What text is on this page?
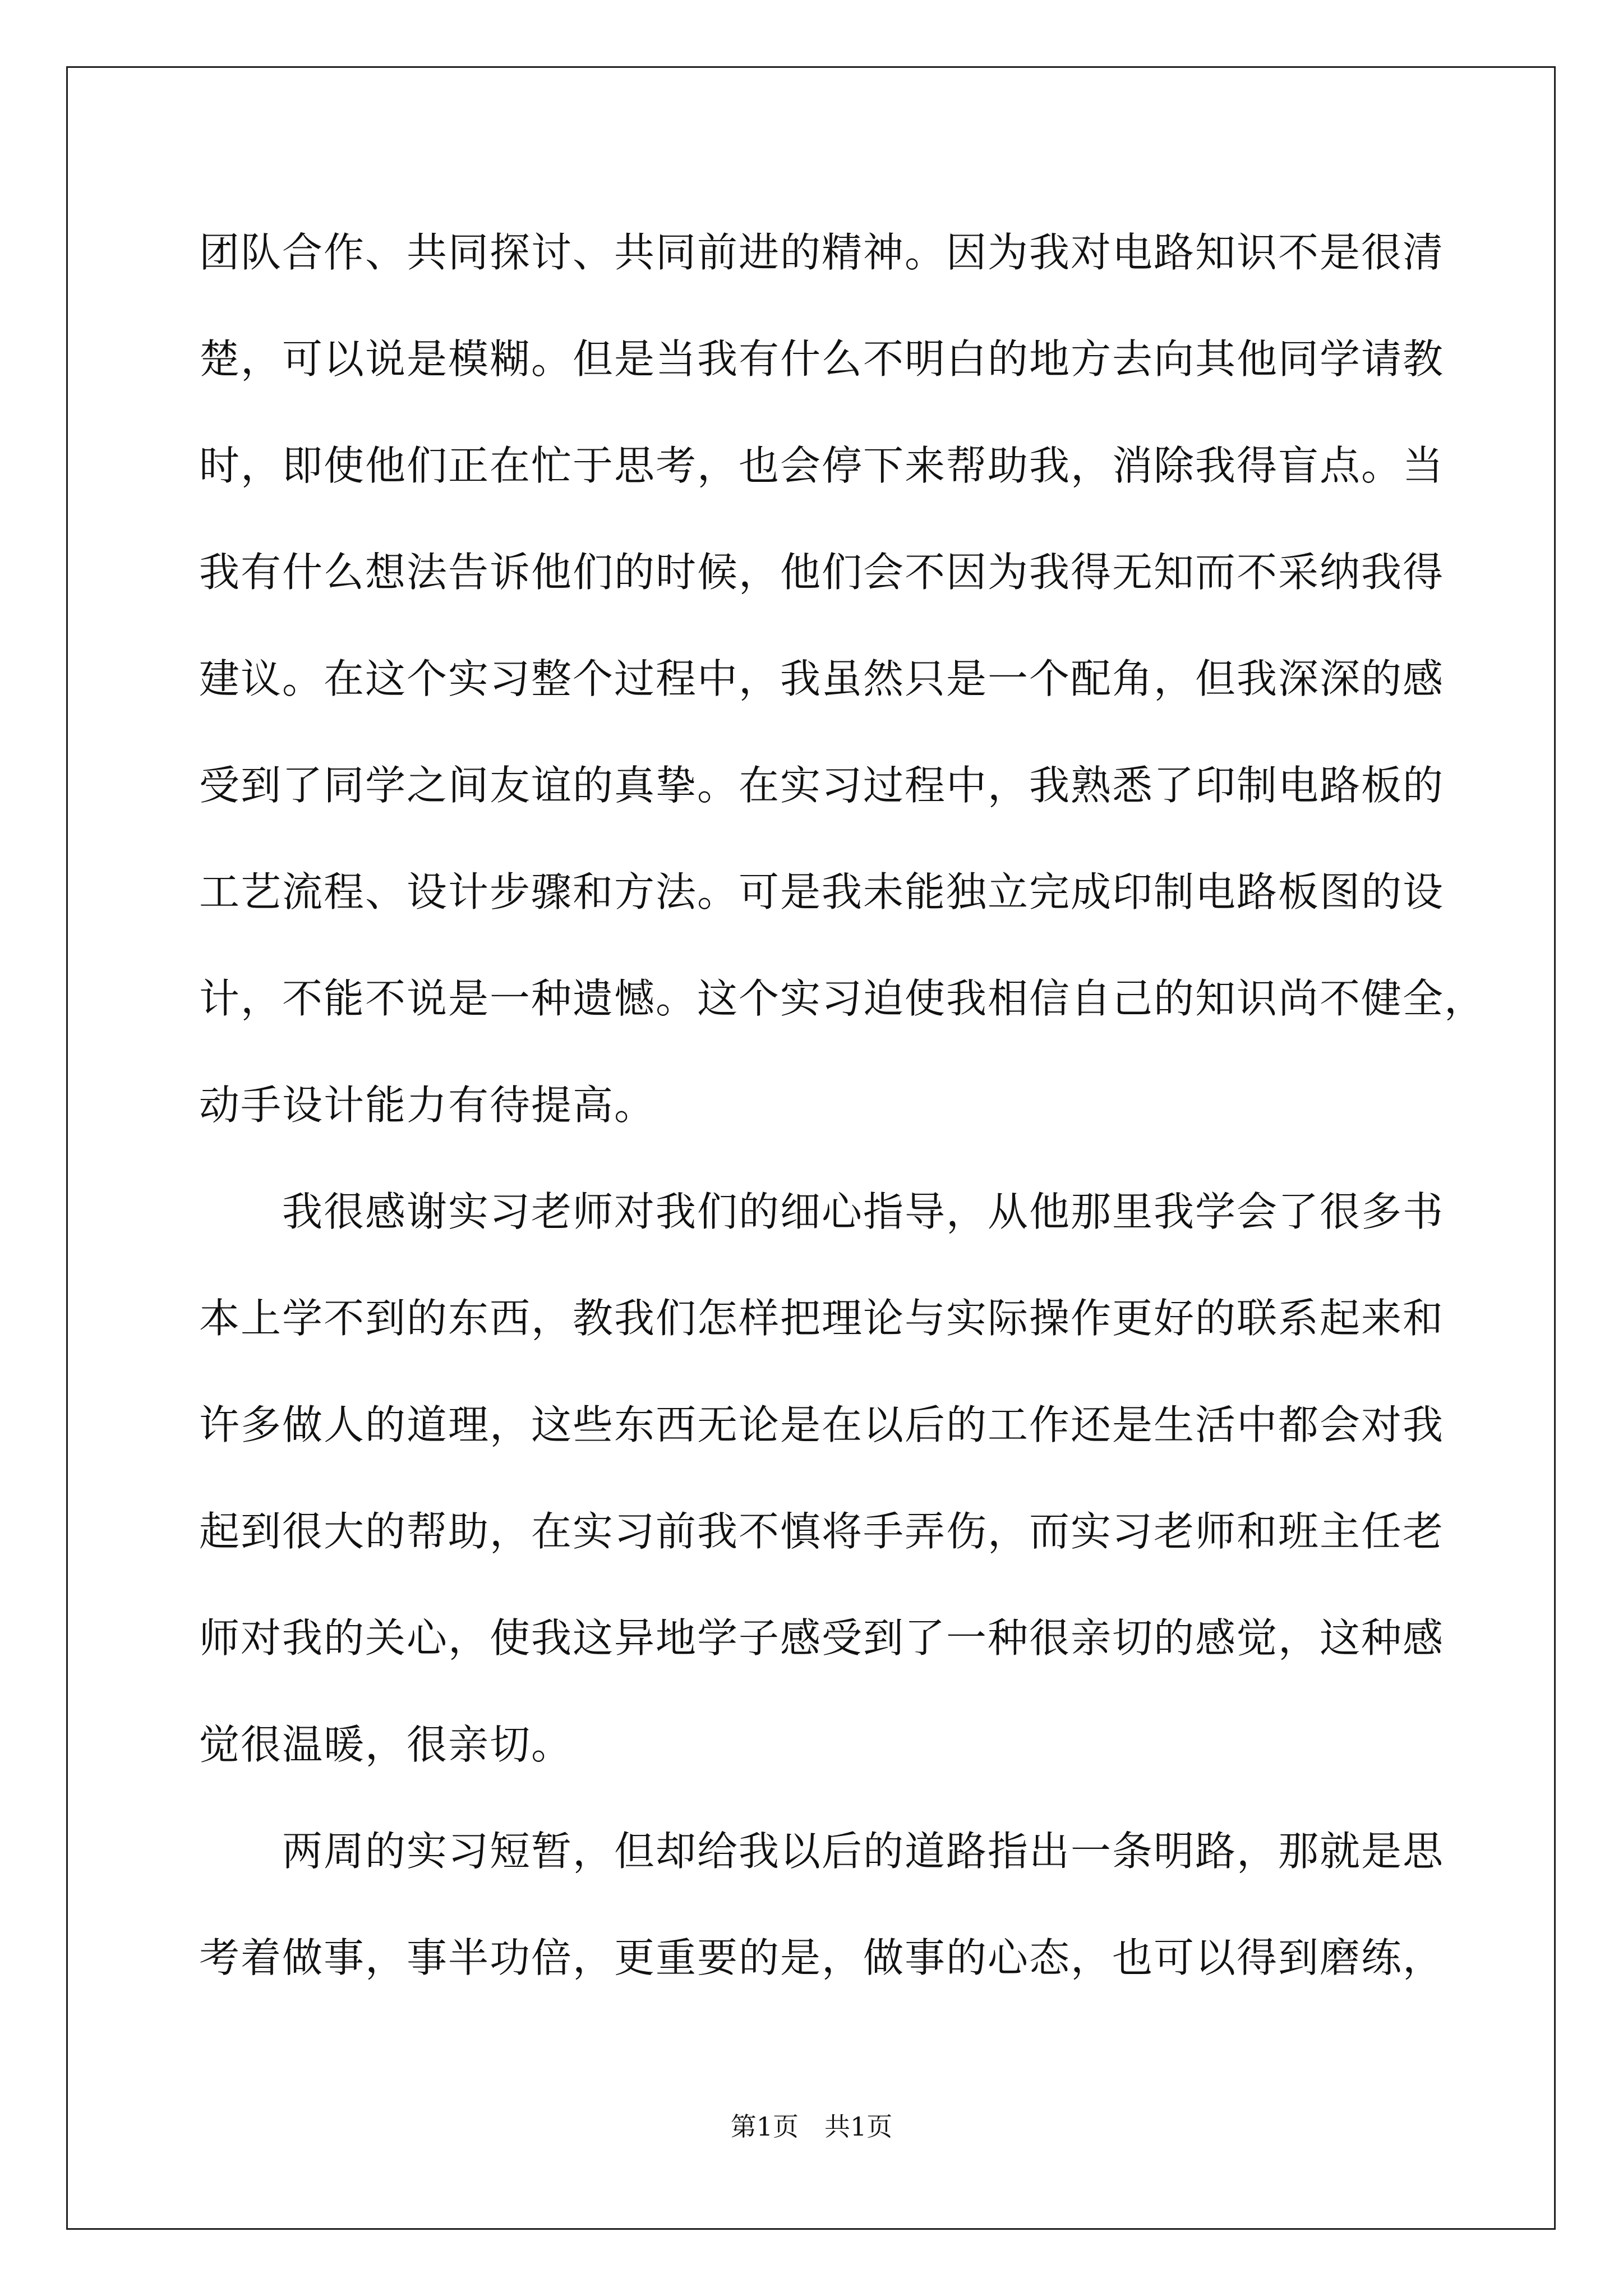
团队合作、共同探讨、共同前进的精神。因为我对电路知识不是很清
楚，可以说是模糊。但是当我有什么不明白的地方去向其他同学请教
时，即使他们正在忙于思考，也会停下来帮助我，消除我得盲点。当
我有什么想法告诉他们的时候，他们会不因为我得无知而不采纳我得
建议。在这个实习整个过程中，我虽然只是一个配角，但我深深的感
受到了同学之间友谊的真挚。在实习过程中，我熟悉了印制电路板的
工艺流程、设计步骤和方法。可是我未能独立完成印制电路板图的设
计，不能不说是一种遗憾。这个实习迫使我相信自己的知识尚不健全，
动手设计能力有待提高。
　　我很感谢实习老师对我们的细心指导，从他那里我学会了很多书
本上学不到的东西，教我们怎样把理论与实际操作更好的联系起来和
许多做人的道理，这些东西无论是在以后的工作还是生活中都会对我
起到很大的帮助，在实习前我不慎将手弄伤，而实习老师和班主任老
师对我的关心，使我这异地学子感受到了一种很亲切的感觉，这种感
觉很温暖，很亲切。
　　两周的实习短暂，但却给我以后的道路指出一条明路，那就是思
考着做事，事半功倍，更重要的是，做事的心态，也可以得到磨练，
第1页　共1页
